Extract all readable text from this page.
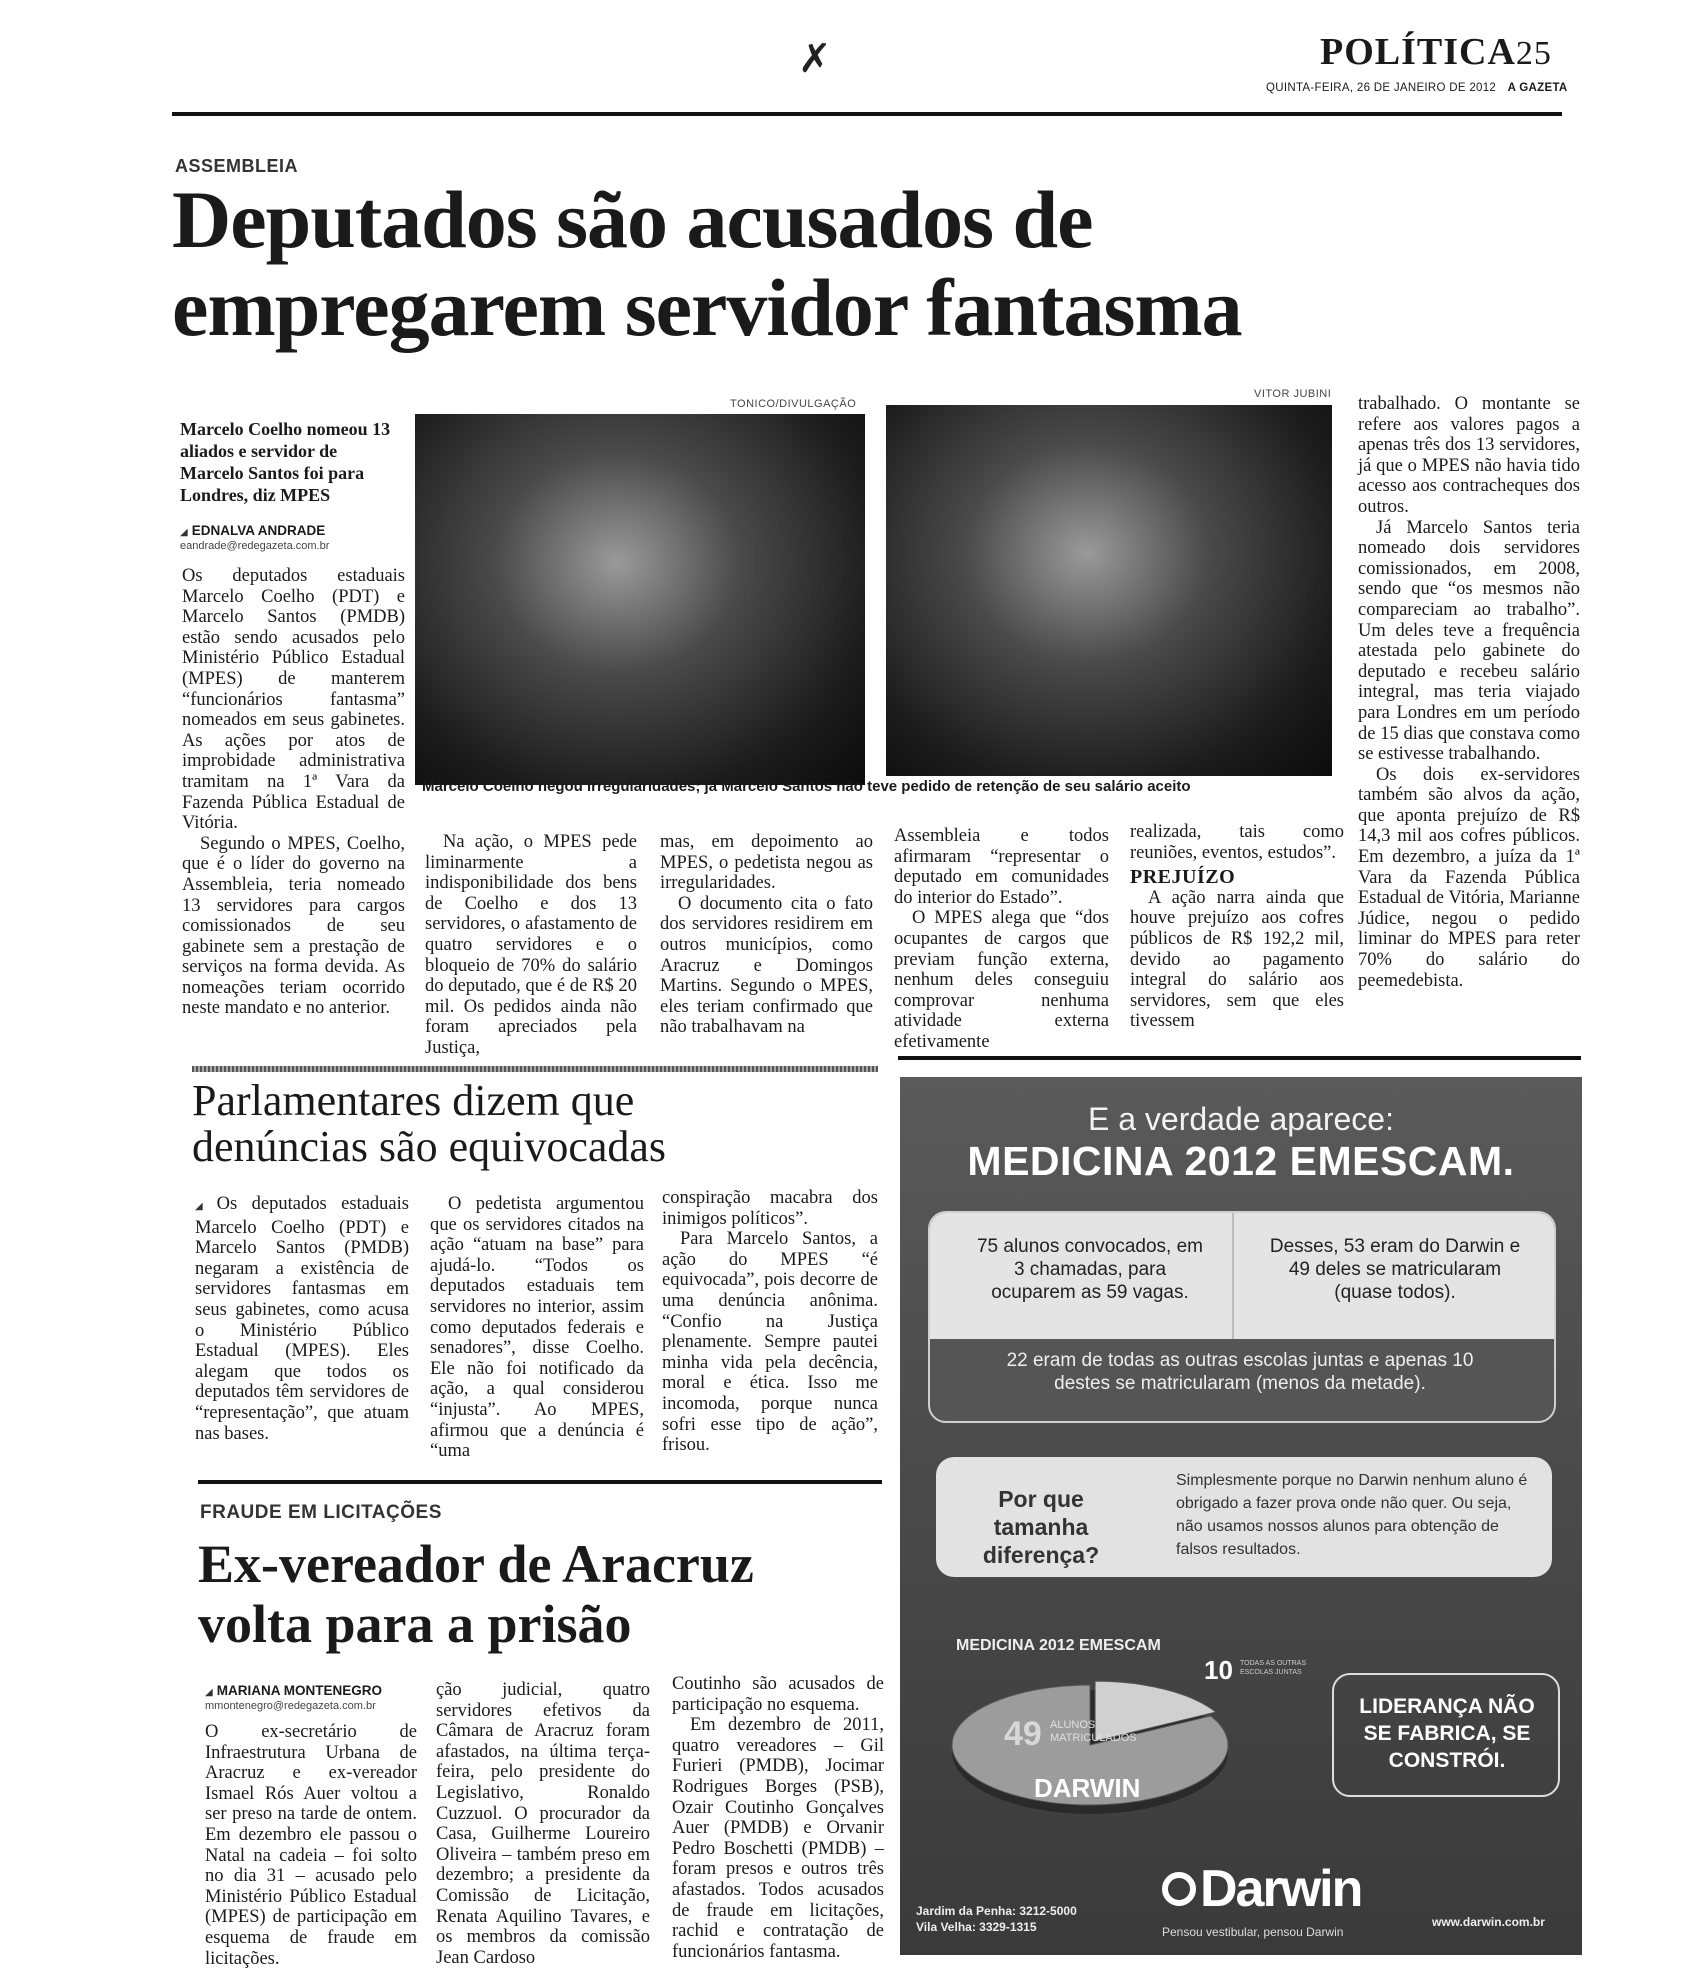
✗	POLÍTICA25
QUINTA-FEIRA, 26 DE JANEIRO DE 2012 A GAZETA
ASSEMBLEIA
Deputados são acusados de
empregarem servidor fantasma
Marcelo Coelho nomeou 13 aliados e servidor de Marcelo Santos foi para Londres, diz MPES
◢ EDNALVA ANDRADE
eandrade@redegazeta.com.br
TONICO/DIVULGAÇÃO
VITOR JUBINI
Marcelo Coelho negou irregularidades; já Marcelo Santos não teve pedido de retenção de seu salário aceito

Os deputados estaduais Marcelo Coelho (PDT) e Marcelo Santos (PMDB) estão sendo acusados pelo Ministério Público Estadual (MPES) de manterem “funcionários fantasma” nomeados em seus gabinetes. As ações por atos de improbidade administrativa tramitam na 1ª Vara da Fazenda Pública Estadual de Vitória.

Segundo o MPES, Coelho, que é o líder do governo na Assembleia, teria nomeado 13 servidores para cargos comissionados de seu gabinete sem a prestação de serviços na forma devida. As nomeações teriam ocorrido neste mandato e no anterior.

Na ação, o MPES pede liminarmente a indisponibilidade dos bens de Coelho e dos 13 servidores, o afastamento de quatro servidores e o bloqueio de 70% do salário do deputado, que é de R$ 20 mil. Os pedidos ainda não foram apreciados pela Justiça,

mas, em depoimento ao MPES, o pedetista negou as irregularidades.

O documento cita o fato dos servidores residirem em outros municípios, como Aracruz e Domingos Martins. Segundo o MPES, eles teriam confirmado que não trabalhavam na

Assembleia e todos afirmaram “representar o deputado em comunidades do interior do Estado”.

O MPES alega que “dos ocupantes de cargos que previam função externa, nenhum deles conseguiu comprovar nenhuma atividade externa efetivamente

realizada, tais como reuniões, eventos, estudos”.

PREJUÍZO

A ação narra ainda que houve prejuízo aos cofres públicos de R$ 192,2 mil, devido ao pagamento integral do salário aos servidores, sem que eles tivessem

trabalhado. O montante se refere aos valores pagos a apenas três dos 13 servidores, já que o MPES não havia tido acesso aos contracheques dos outros.

Já Marcelo Santos teria nomeado dois servidores comissionados, em 2008, sendo que “os mesmos não compareciam ao trabalho”. Um deles teve a frequência atestada pelo gabinete do deputado e recebeu salário integral, mas teria viajado para Londres em um período de 15 dias que constava como se estivesse trabalhando.

Os dois ex-servidores também são alvos da ação, que aponta prejuízo de R$ 14,3 mil aos cofres públicos. Em dezembro, a juíza da 1ª Vara da Fazenda Pública Estadual de Vitória, Marianne Júdice, negou o pedido liminar do MPES para reter 70% do salário do peemedebista.

Parlamentares dizem que
denúncias são equivocadas

◢ Os deputados estaduais Marcelo Coelho (PDT) e Marcelo Santos (PMDB) negaram a existência de servidores fantasmas em seus gabinetes, como acusa o Ministério Público Estadual (MPES). Eles alegam que todos os deputados têm servidores de “representação”, que atuam nas bases.

O pedetista argumentou que os servidores citados na ação “atuam na base” para ajudá-lo. “Todos os deputados estaduais tem servidores no interior, assim como deputados federais e senadores”, disse Coelho. Ele não foi notificado da ação, a qual considerou “injusta”. Ao MPES, afirmou que a denúncia é “uma

conspiração macabra dos inimigos políticos”.

Para Marcelo Santos, a ação do MPES “é equivocada”, pois decorre de uma denúncia anônima. “Confio na Justiça plenamente. Sempre pautei minha vida pela decência, moral e ética. Isso me incomoda, porque nunca sofri esse tipo de ação”, frisou.

FRAUDE EM LICITAÇÕES
Ex-vereador de Aracruz
volta para a prisão
◢ MARIANA MONTENEGRO
mmontenegro@redegazeta.com.br

O ex-secretário de Infraestrutura Urbana de Aracruz e ex-vereador Ismael Rós Auer voltou a ser preso na tarde de ontem. Em dezembro ele passou o Natal na cadeia – foi solto no dia 31 – acusado pelo Ministério Público Estadual (MPES) de participação em esquema de fraude em licitações.

ção judicial, quatro servidores efetivos da Câmara de Aracruz foram afastados, na última terça-feira, pelo presidente do Legislativo, Ronaldo Cuzzuol. O procurador da Casa, Guilherme Loureiro Oliveira – também preso em dezembro; a presidente da Comissão de Licitação, Renata Aquilino Tavares, e os membros da comissão Jean Cardoso

Coutinho são acusados de participação no esquema.

Em dezembro de 2011, quatro vereadores – Gil Furieri (PMDB), Jocimar Rodrigues Borges (PSB), Ozair Coutinho Gonçalves Auer (PMDB) e Orvanir Pedro Boschetti (PMDB) – foram presos e outros três afastados. Todos acusados de fraude em licitações, rachid e contratação de funcionários fantasma.

E a verdade aparece:
MEDICINA 2012 EMESCAM.
75 alunos convocados, em 3 chamadas, para ocuparem as 59 vagas.
Desses, 53 eram do Darwin e 49 deles se matricularam (quase todos).
22 eram de todas as outras escolas juntas e apenas 10 destes se matricularam (menos da metade).
Por que tamanha diferença?
Simplesmente porque no Darwin nenhum aluno é obrigado a fazer prova onde não quer. Ou seja, não usamos nossos alunos para obtenção de falsos resultados.
MEDICINA 2012 EMESCAM
10 TODAS AS OUTRAS ESCOLAS JUNTAS
49 ALUNOS MATRICULADOS
DARWIN
LIDERANÇA NÃO SE FABRICA, SE CONSTRÓI.
Darwin
Pensou vestibular, pensou Darwin
Jardim da Penha: 3212-5000
Vila Velha: 3329-1315	www.darwin.com.br
